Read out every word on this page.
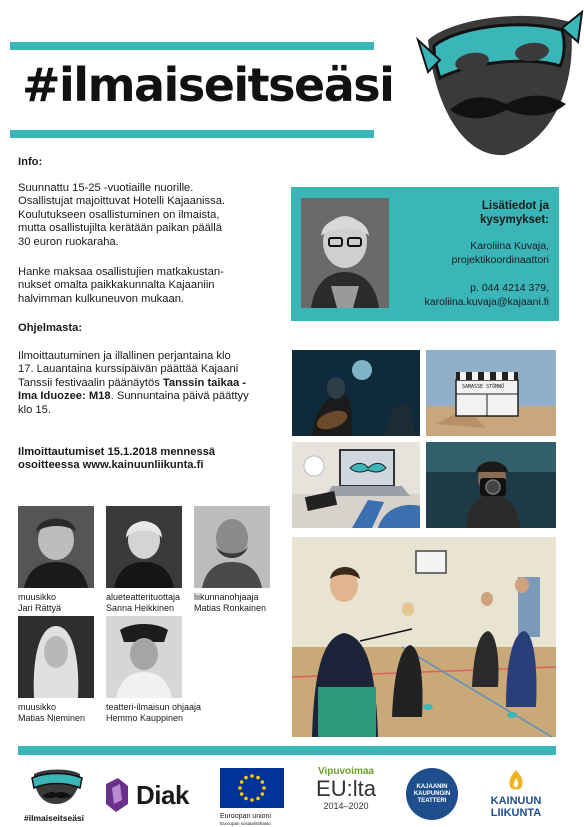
#ilmaiseitseäsi
Info:
Suunnattu 15-25 -vuotiaille nuorille.
Osallistujat majoittuvat Hotelli Kajaanissa.
Koulutukseen osallistuminen on ilmaista,
mutta osallistujilta kerätään paikan päällä
30 euron ruokaraha.
Hanke maksaa osallistujien matkakustan-
nukset omalta paikkakunnalta Kajaaniin
halvimman kulkuneuvon mukaan.
Ohjelmasta:
Ilmoittautuminen ja illallinen perjantaina klo
17. Lauantaina kurssipäivän päättää Kajaani
Tanssii festivaalin päänäytös Tanssin taikaa -
Ima Iduozee: M18. Sunnuntaina päivä päättyy
klo 15.
Ilmoittautumiset 15.1.2018 mennessä
osoitteessa www.kainuunliikunta.fi
Lisätiedot ja
kysymykset:
Karoliina Kuvaja,
projektikoordinaattori
p. 044 4214 379,
karoliina.kuvaja@kajaani.fi
SAMASSE STÖMNÖ
muusikko
Jari Rättyä
alueteatterituottaja
Sanna Heikkinen
liikunnanohjaaja
Matias Ronkainen
muusikko
Matias Nieminen
teatteri-ilmaisun ohjaaja
Hemmo Kauppinen
#ilmaiseitseäsi
Diak
Euroopan unioni
Euroopan sosiaalirahasto
Vipuvoimaa
EU:lta
2014–2020
KAJAANIN
KAUPUNGIN
TEATTERI	KAINUUN
LIIKUNTA
